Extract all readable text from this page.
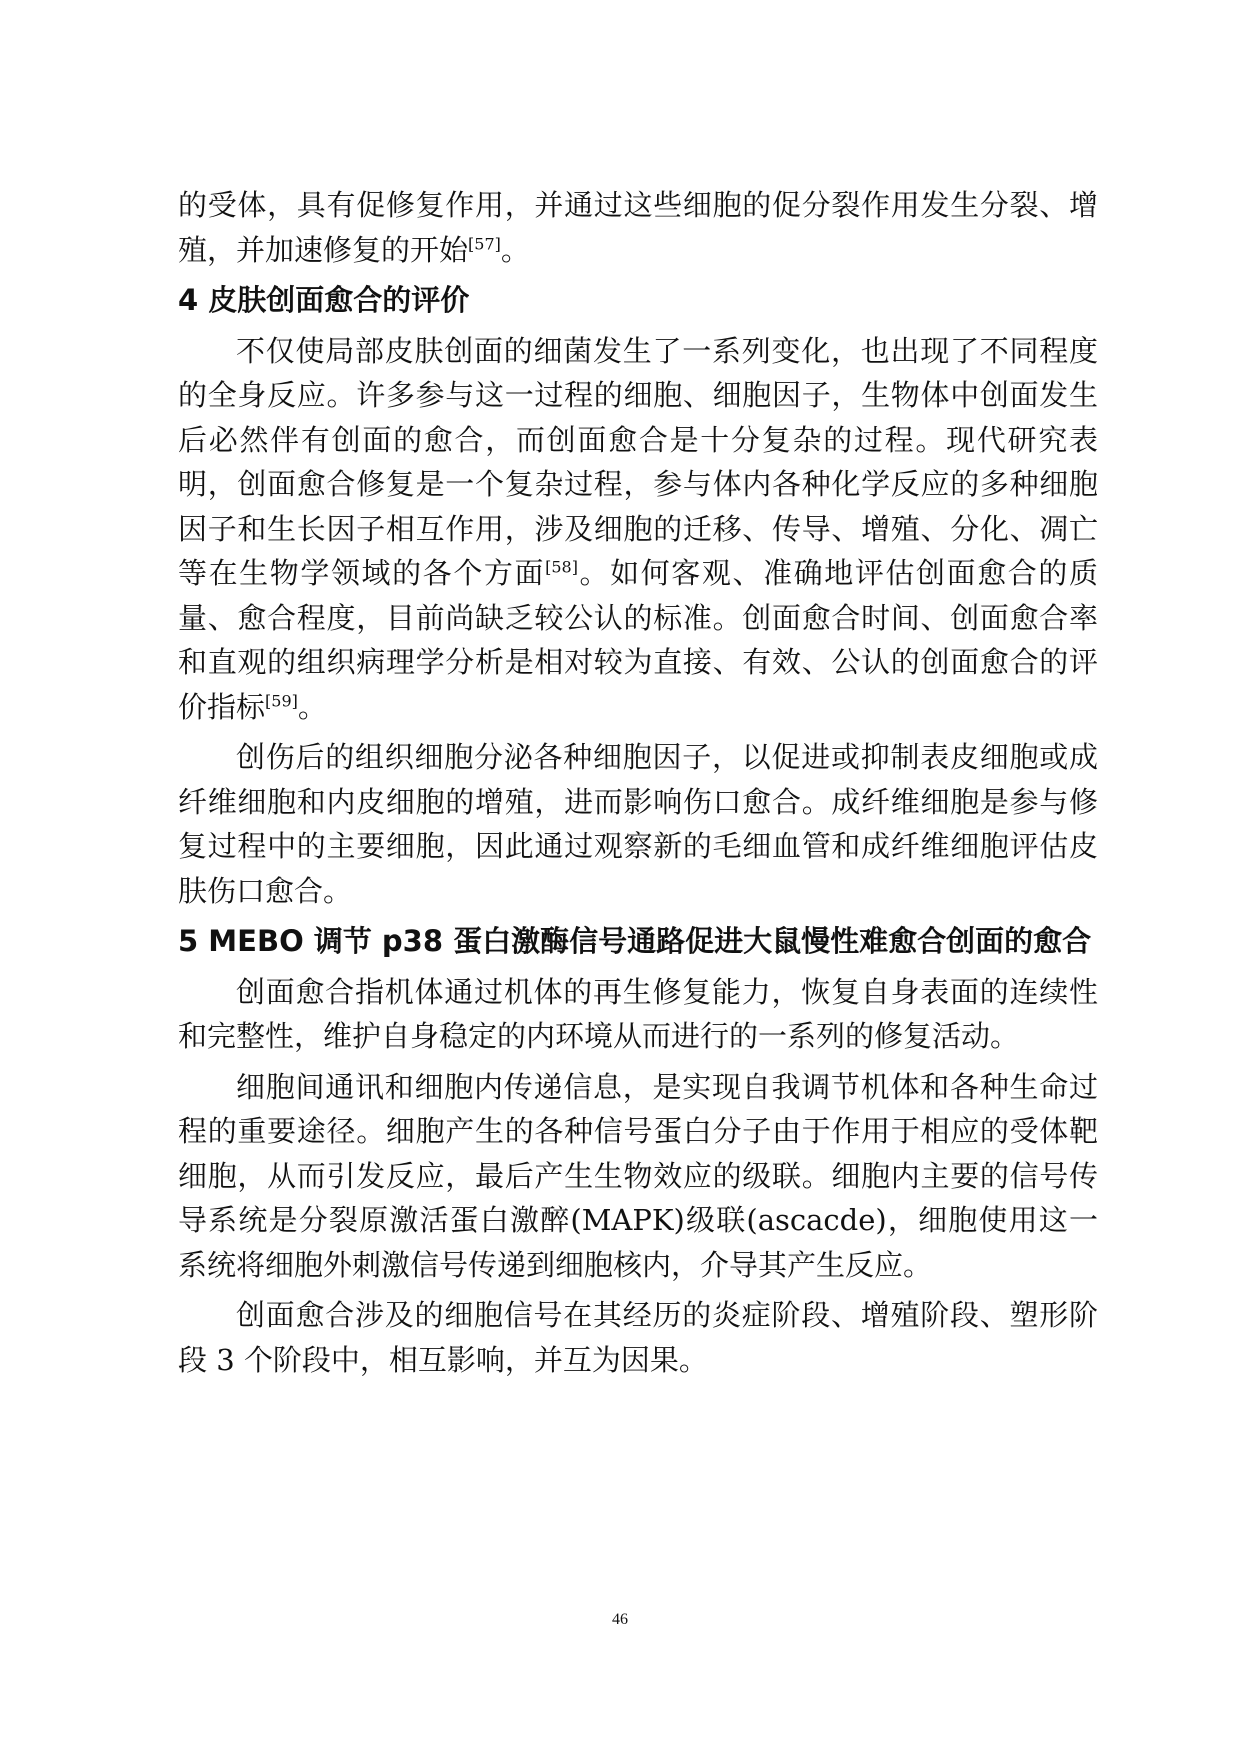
的受体，具有促修复作用，并通过这些细胞的促分裂作用发生分裂、增殖，并加速修复的开始[57]。

4 皮肤创面愈合的评价

不仅使局部皮肤创面的细菌发生了一系列变化，也出现了不同程度的全身反应。许多参与这一过程的细胞、细胞因子，生物体中创面发生后必然伴有创面的愈合，而创面愈合是十分复杂的过程。现代研究表明，创面愈合修复是一个复杂过程，参与体内各种化学反应的多种细胞因子和生长因子相互作用，涉及细胞的迁移、传导、增殖、分化、凋亡等在生物学领域的各个方面[58]。如何客观、准确地评估创面愈合的质量、愈合程度，目前尚缺乏较公认的标准。创面愈合时间、创面愈合率和直观的组织病理学分析是相对较为直接、有效、公认的创面愈合的评价指标[59]。

创伤后的组织细胞分泌各种细胞因子，以促进或抑制表皮细胞或成纤维细胞和内皮细胞的增殖，进而影响伤口愈合。成纤维细胞是参与修复过程中的主要细胞，因此通过观察新的毛细血管和成纤维细胞评估皮肤伤口愈合。

5 MEBO 调节 p38 蛋白激酶信号通路促进大鼠慢性难愈合创面的愈合

创面愈合指机体通过机体的再生修复能力，恢复自身表面的连续性和完整性，维护自身稳定的内环境从而进行的一系列的修复活动。

细胞间通讯和细胞内传递信息，是实现自我调节机体和各种生命过程的重要途径。细胞产生的各种信号蛋白分子由于作用于相应的受体靶细胞，从而引发反应，最后产生生物效应的级联。细胞内主要的信号传导系统是分裂原激活蛋白激醉(MAPK)级联(ascacde)，细胞使用这一系统将细胞外刺激信号传递到细胞核内，介导其产生反应。

创面愈合涉及的细胞信号在其经历的炎症阶段、增殖阶段、塑形阶段 3 个阶段中，相互影响，并互为因果。

46
